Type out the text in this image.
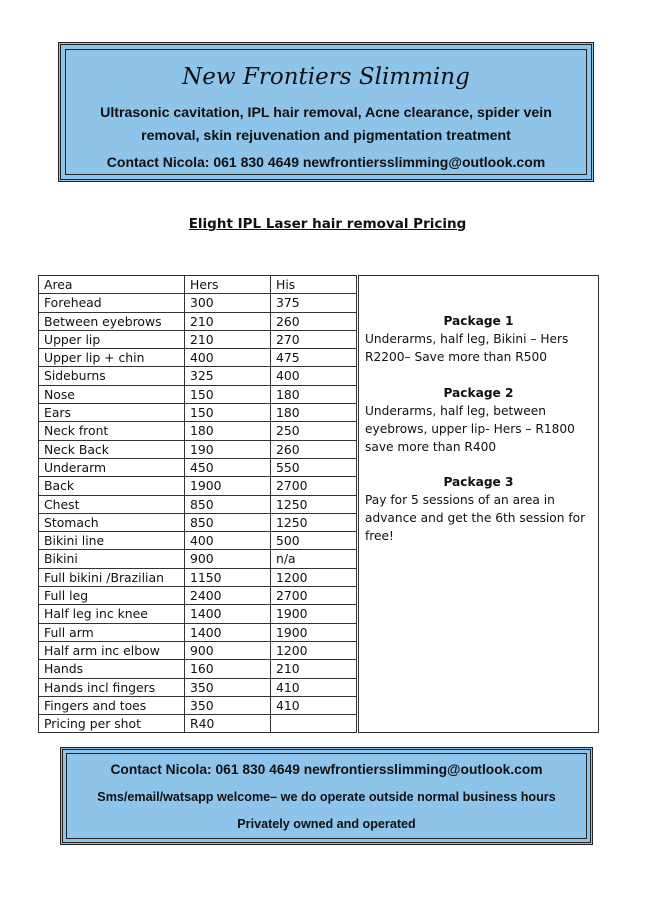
New Frontiers Slimming
Ultrasonic cavitation, IPL hair removal, Acne clearance, spider vein
removal, skin rejuvenation and pigmentation treatment
Contact Nicola: 061 830 4649 newfrontiersslimming@outlook.com
Elight IPL Laser hair removal Pricing
Area	Hers	His
Forehead	300	375
Between eyebrows	210	260
Upper lip	210	270
Upper lip + chin	400	475
Sideburns	325	400
Nose	150	180
Ears	150	180
Neck front	180	250
Neck Back	190	260
Underarm	450	550
Back	1900	2700
Chest	850	1250
Stomach	850	1250
Bikini line	400	500
Bikini	900	n/a
Full bikini /Brazilian	1150	1200
Full leg	2400	2700
Half leg inc knee	1400	1900
Full arm	1400	1900
Half arm inc elbow	900	1200
Hands	160	210
Hands incl fingers	350	410
Fingers and toes	350	410
Pricing per shot	R40	
Package 1
Underarms, half leg, Bikini – Hers
R2200– Save more than R500
Package 2
Underarms, half leg, between
eyebrows, upper lip- Hers – R1800
save more than R400
Package 3
Pay for 5 sessions of an area in
advance and get the 6th session for
free!
Contact Nicola: 061 830 4649 newfrontiersslimming@outlook.com
Sms/email/watsapp welcome– we do operate outside normal business hours
Privately owned and operated
